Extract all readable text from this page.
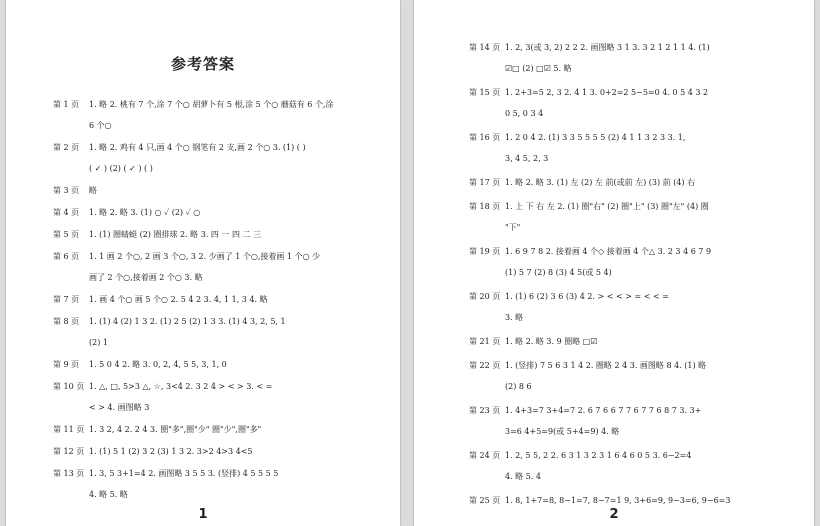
参考答案
第 1 页	1. 略 2. 桃有 7 个,涂 7 个○ 胡萝卜有 5 根,涂 5 个○ 蘑菇有 6 个,涂
6 个○
第 2 页	1. 略 2. 鸡有 4 只,画 4 个○ 钢笔有 2 支,画 2 个○ 3. (1) ( )
( ✓ ) (2) ( ✓ ) ( )
第 3 页	略
第 4 页	1. 略 2. 略 3. (1) ○ ✓ (2) ✓ ○
第 5 页	1. (1) 圈蜻蜓 (2) 圈排球 2. 略 3. 四 一 四 二 三
第 6 页	1. 1 画 2 个○, 2 画 3 个○, 3 2. 少画了 1 个○,接着画 1 个○ 少
画了 2 个○,接着画 2 个○ 3. 略
第 7 页	1. 画 4 个○ 画 5 个○ 2. 5 4 2 3. 4, 1 1, 3 4. 略
第 8 页	1. (1) 4 (2) 1 3 2. (1) 2 5 (2) 1 3 3. (1) 4 3, 2, 5, 1
(2) 1
第 9 页	1. 5 0 4 2. 略 3. 0, 2, 4, 5 5, 3, 1, 0
第 10 页 1. △, □, 5>3 △, ☆, 3<4 2. 3 2 4 > < > 3. < =
< > 4. 画图略 3
第 11 页 1. 3 2, 4 2. 2 4 3. 圈"多",圈"少" 圈"少",圈"多"
第 12 页 1. (1) 5 1 (2) 3 2 (3) 1 3 2. 3>2 4>3 4<5
第 13 页 1. 3, 5 3+1=4 2. 画图略 3 5 5 3. (竖排) 4 5 5 5 5
4. 略 5. 略
1
第 14 页 1. 2, 3(或 3, 2) 2 2 2. 画图略 3 1 3. 3 2 1 2 1 1 4. (1)
☑□ (2) □☑ 5. 略
第 15 页 1. 2+3=5 2, 3 2. 4 1 3. 0+2=2 5−5=0 4. 0 5 4 3 2
0 5, 0 3 4
第 16 页 1. 2 0 4 2. (1) 3 3 5 5 5 5 (2) 4 1 1 3 2 3 3. 1,
3, 4 5, 2, 3
第 17 页 1. 略 2. 略 3. (1) 左 (2) 左 前(或前 左) (3) 前 (4) 右
第 18 页 1. 上 下 右 左 2. (1) 圈"右" (2) 圈"上" (3) 圈"左" (4) 圈
"下"
第 19 页 1. 6 9 7 8 2. 接着画 4 个◇ 接着画 4 个△ 3. 2 3 4 6 7 9
(1) 5 7 (2) 8 (3) 4 5(或 5 4)
第 20 页 1. (1) 6 (2) 3 6 (3) 4 2. > < < > = < < =
3. 略
第 21 页 1. 略 2. 略 3. 9 圈略 □☑
第 22 页 1. (竖排) 7 5 6 3 1 4 2. 圈略 2 4 3. 画图略 8 4. (1) 略
(2) 8 6
第 23 页 1. 4+3=7 3+4=7 2. 6 7 6 6 7 7 6 7 7 6 8 7 3. 3+
3=6 4+5=9(或 5+4=9) 4. 略
第 24 页 1. 2, 5 5, 2 2. 6 3 1 3 2 3 1 6 4 6 0 5 3. 6−2=4
4. 略 5. 4
第 25 页 1. 8, 1+7=8, 8−1=7, 8−7=1 9, 3+6=9, 9−3=6, 9−6=3
2
